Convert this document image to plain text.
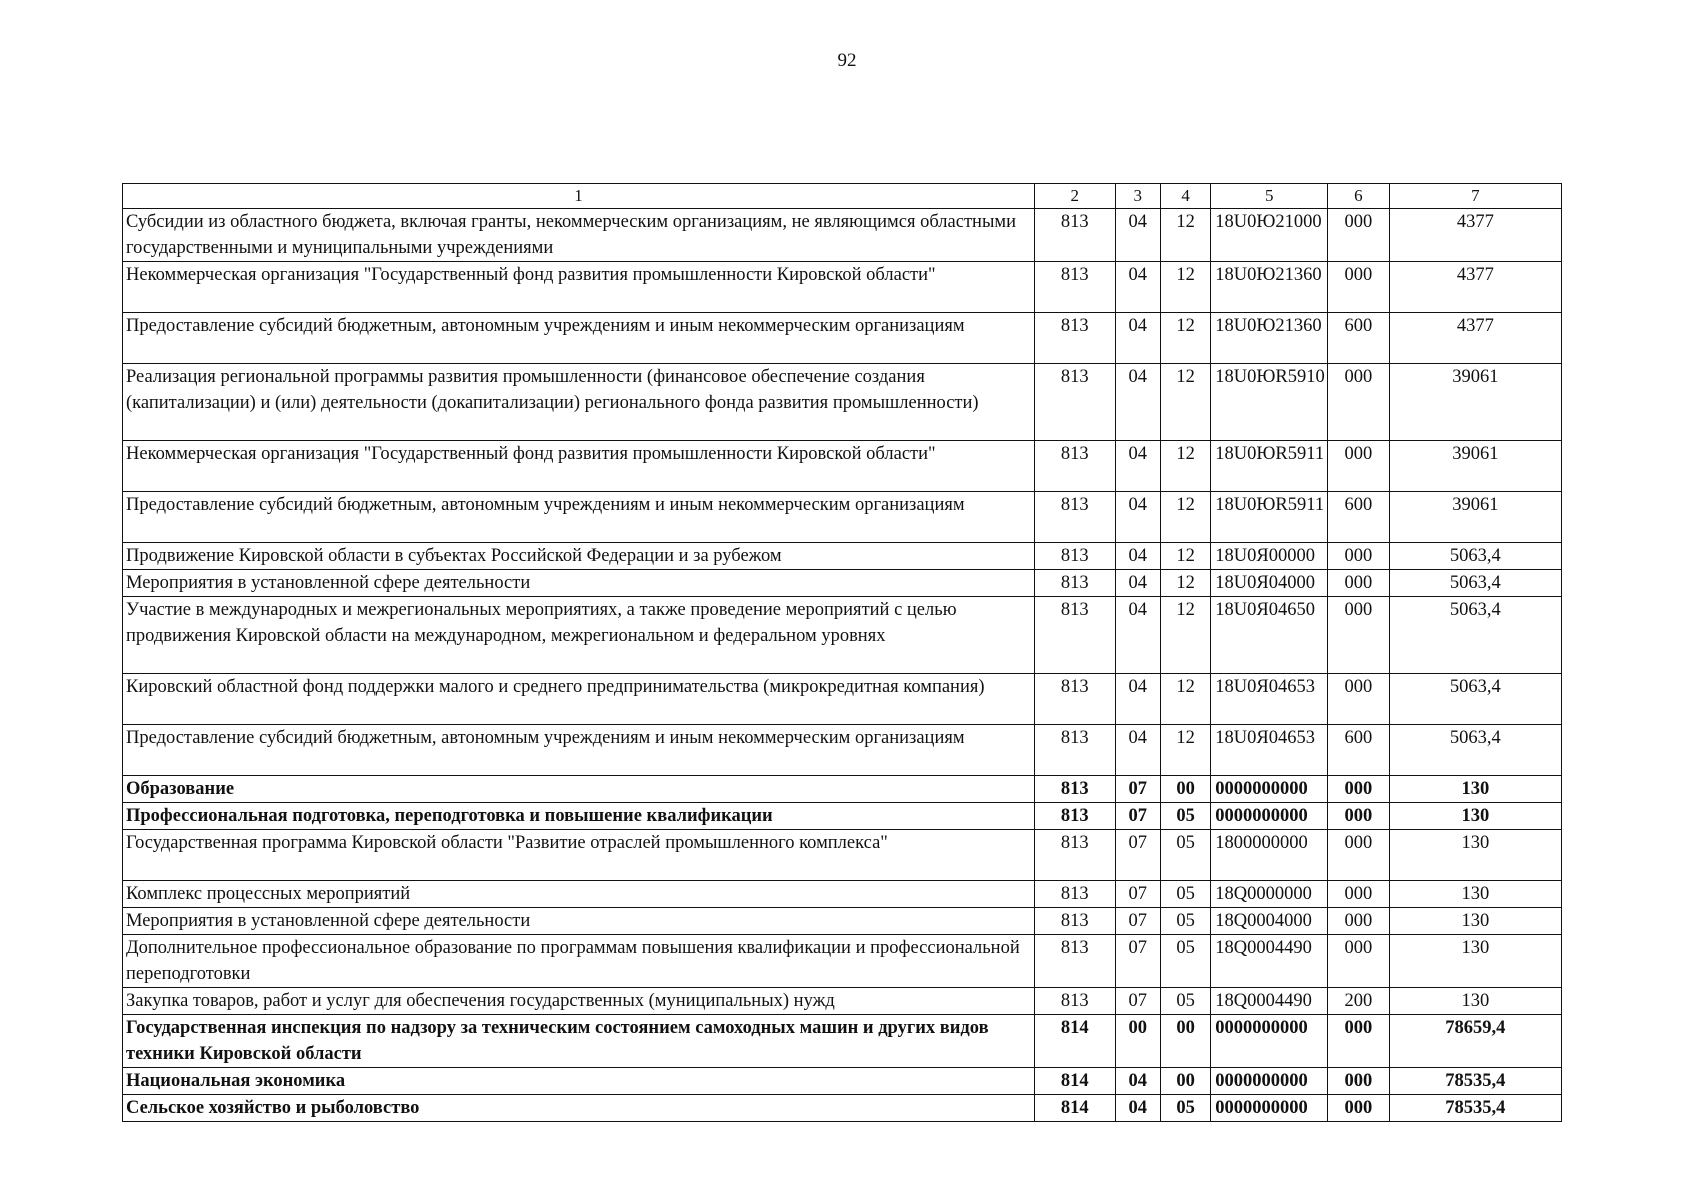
92
1	2	3	4	5	6	7
Субсидии из областного бюджета, включая гранты, некоммерческим организациям, не являющимся областными государственными и муниципальными учреждениями	813	04	12	18U0Ю21000	000	4377
Некоммерческая организация "Государственный фонд развития промышленности Кировской области"	813	04	12	18U0Ю21360	000	4377
Предоставление субсидий бюджетным, автономным учреждениям и иным некоммерческим организациям	813	04	12	18U0Ю21360	600	4377
Реализация региональной программы развития промышленности (финансовое обеспечение создания (капитализации) и (или) деятельности (докапитализации) регионального фонда развития промышленности)	813	04	12	18U0ЮR5910	000	39061
Некоммерческая организация "Государственный фонд развития промышленности Кировской области"	813	04	12	18U0ЮR5911	000	39061
Предоставление субсидий бюджетным, автономным учреждениям и иным некоммерческим организациям	813	04	12	18U0ЮR5911	600	39061
Продвижение Кировской области в субъектах Российской Федерации и за рубежом	813	04	12	18U0Я00000	000	5063,4
Мероприятия в установленной сфере деятельности	813	04	12	18U0Я04000	000	5063,4
Участие в международных и межрегиональных мероприятиях, а также проведение мероприятий с целью продвижения Кировской области на международном, межрегиональном и федеральном уровнях	813	04	12	18U0Я04650	000	5063,4
Кировский областной фонд поддержки малого и среднего предпринимательства (микрокредитная компания)	813	04	12	18U0Я04653	000	5063,4
Предоставление субсидий бюджетным, автономным учреждениям и иным некоммерческим организациям	813	04	12	18U0Я04653	600	5063,4
Образование	813	07	00	0000000000	000	130
Профессиональная подготовка, переподготовка и повышение квалификации	813	07	05	0000000000	000	130
Государственная программа Кировской области "Развитие отраслей промышленного комплекса"	813	07	05	1800000000	000	130
Комплекс процессных мероприятий	813	07	05	18Q0000000	000	130
Мероприятия в установленной сфере деятельности	813	07	05	18Q0004000	000	130
Дополнительное профессиональное образование по программам повышения квалификации и профессиональной переподготовки	813	07	05	18Q0004490	000	130
Закупка товаров, работ и услуг для обеспечения государственных (муниципальных) нужд	813	07	05	18Q0004490	200	130
Государственная инспекция по надзору за техническим состоянием самоходных машин и других видов техники Кировской области	814	00	00	0000000000	000	78659,4
Национальная экономика	814	04	00	0000000000	000	78535,4
Сельское хозяйство и рыболовство	814	04	05	0000000000	000	78535,4
